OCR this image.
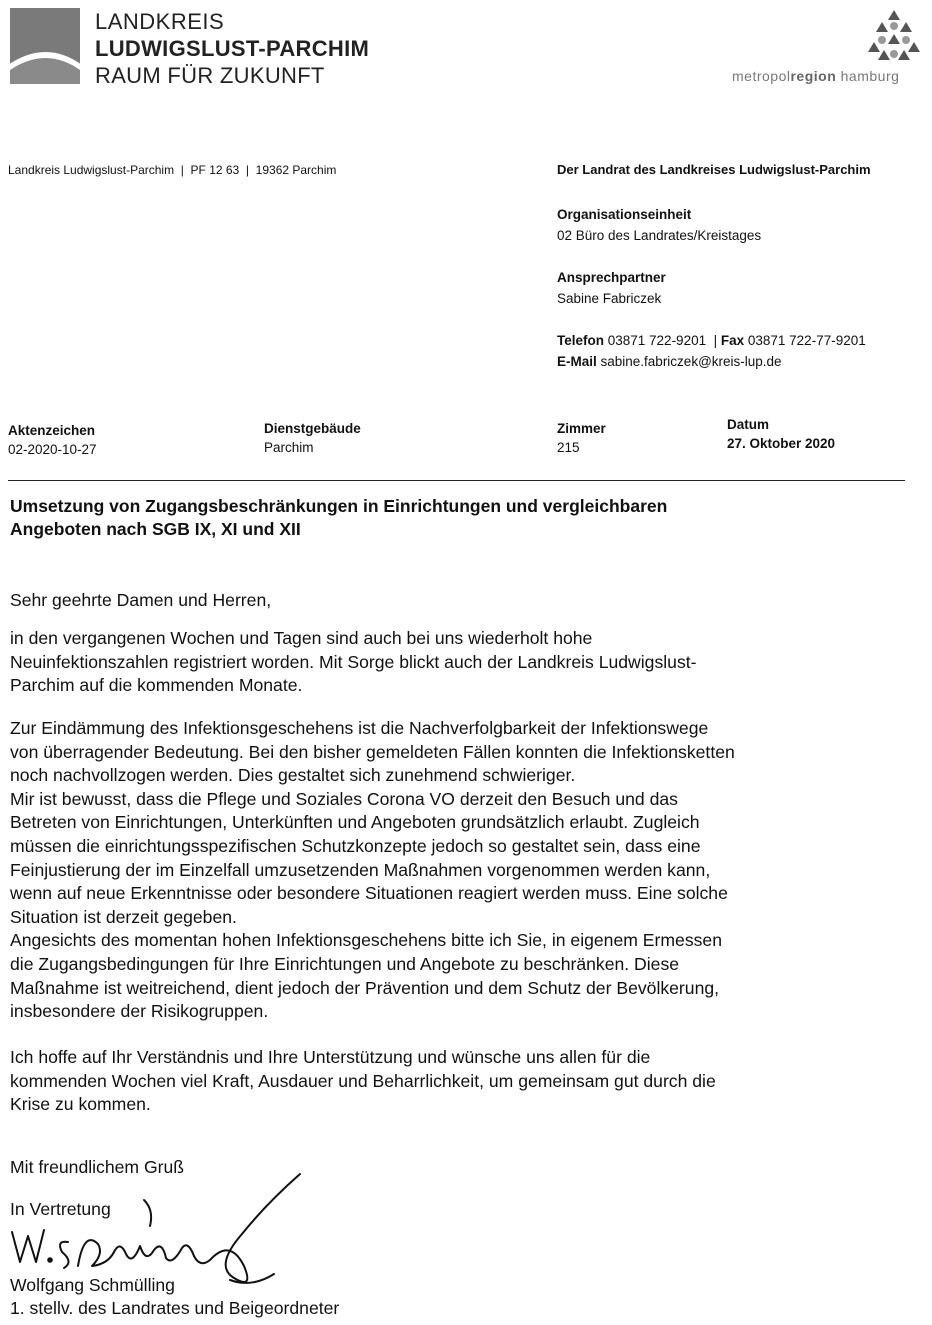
LANDKREIS
LUDWIGSLUST-PARCHIM
RAUM FÜR ZUKUNFT	metropolregion hamburg
Landkreis Ludwigslust-Parchim  |  PF 12 63  |  19362 Parchim	Der Landrat des Landkreises Ludwigslust-Parchim
Organisationseinheit
02 Büro des Landrates/Kreistages
Ansprechpartner
Sabine Fabriczek
Telefon 03871 722-9201  | Fax 03871 722-77-9201
E-Mail sabine.fabriczek@kreis-lup.de
Aktenzeichen
02-2020-10-27
Dienstgebäude
Parchim
Zimmer
215
Datum
27. Oktober 2020
Umsetzung von Zugangsbeschränkungen in Einrichtungen und vergleichbaren
Angeboten nach SGB IX, XI und XII
Sehr geehrte Damen und Herren,
in den vergangenen Wochen und Tagen sind auch bei uns wiederholt hohe
Neuinfektionszahlen registriert worden. Mit Sorge blickt auch der Landkreis Ludwigslust-
Parchim auf die kommenden Monate.
Zur Eindämmung des Infektionsgeschehens ist die Nachverfolgbarkeit der Infektionswege
von überragender Bedeutung. Bei den bisher gemeldeten Fällen konnten die Infektionsketten
noch nachvollzogen werden. Dies gestaltet sich zunehmend schwieriger.
Mir ist bewusst, dass die Pflege und Soziales Corona VO derzeit den Besuch und das
Betreten von Einrichtungen, Unterkünften und Angeboten grundsätzlich erlaubt. Zugleich
müssen die einrichtungsspezifischen Schutzkonzepte jedoch so gestaltet sein, dass eine
Feinjustierung der im Einzelfall umzusetzenden Maßnahmen vorgenommen werden kann,
wenn auf neue Erkenntnisse oder besondere Situationen reagiert werden muss. Eine solche
Situation ist derzeit gegeben.
Angesichts des momentan hohen Infektionsgeschehens bitte ich Sie, in eigenem Ermessen
die Zugangsbedingungen für Ihre Einrichtungen und Angebote zu beschränken. Diese
Maßnahme ist weitreichend, dient jedoch der Prävention und dem Schutz der Bevölkerung,
insbesondere der Risikogruppen.
Ich hoffe auf Ihr Verständnis und Ihre Unterstützung und wünsche uns allen für die
kommenden Wochen viel Kraft, Ausdauer und Beharrlichkeit, um gemeinsam gut durch die
Krise zu kommen.
Mit freundlichem Gruß
In Vertretung
Wolfgang Schmülling
1. stellv. des Landrates und Beigeordneter
